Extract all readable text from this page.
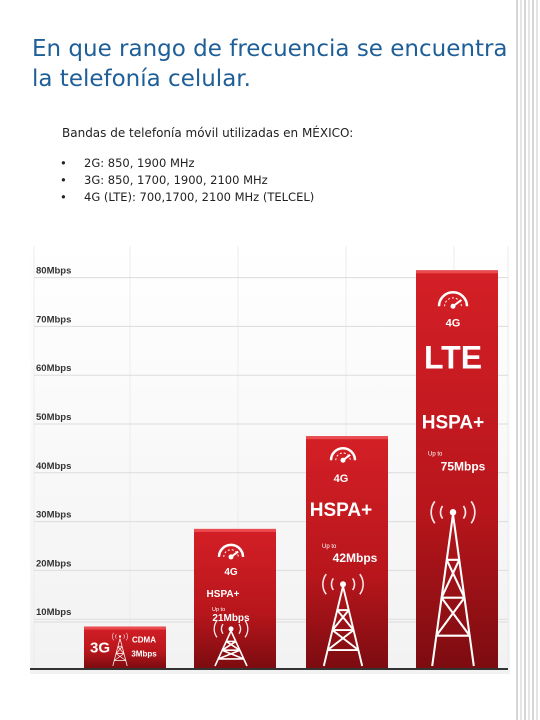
En que rango de frecuencia se encuentra la telefonía celular.
Bandas de telefonía móvil utilizadas en MÉXICO:
•	2G: 850, 1900 MHz
•	3G: 850, 1700, 1900, 2100 MHz
•	4G (LTE): 700,1700, 2100 MHz (TELCEL)
10Mbps
20Mbps
30Mbps
40Mbps
50Mbps
60Mbps
70Mbps
80Mbps
3G	CDMA
3Mbps
4G
HSPA+
Up to
21Mbps
4G
HSPA+
Up to
42Mbps
4G
LTE
HSPA+
Up to
75Mbps
